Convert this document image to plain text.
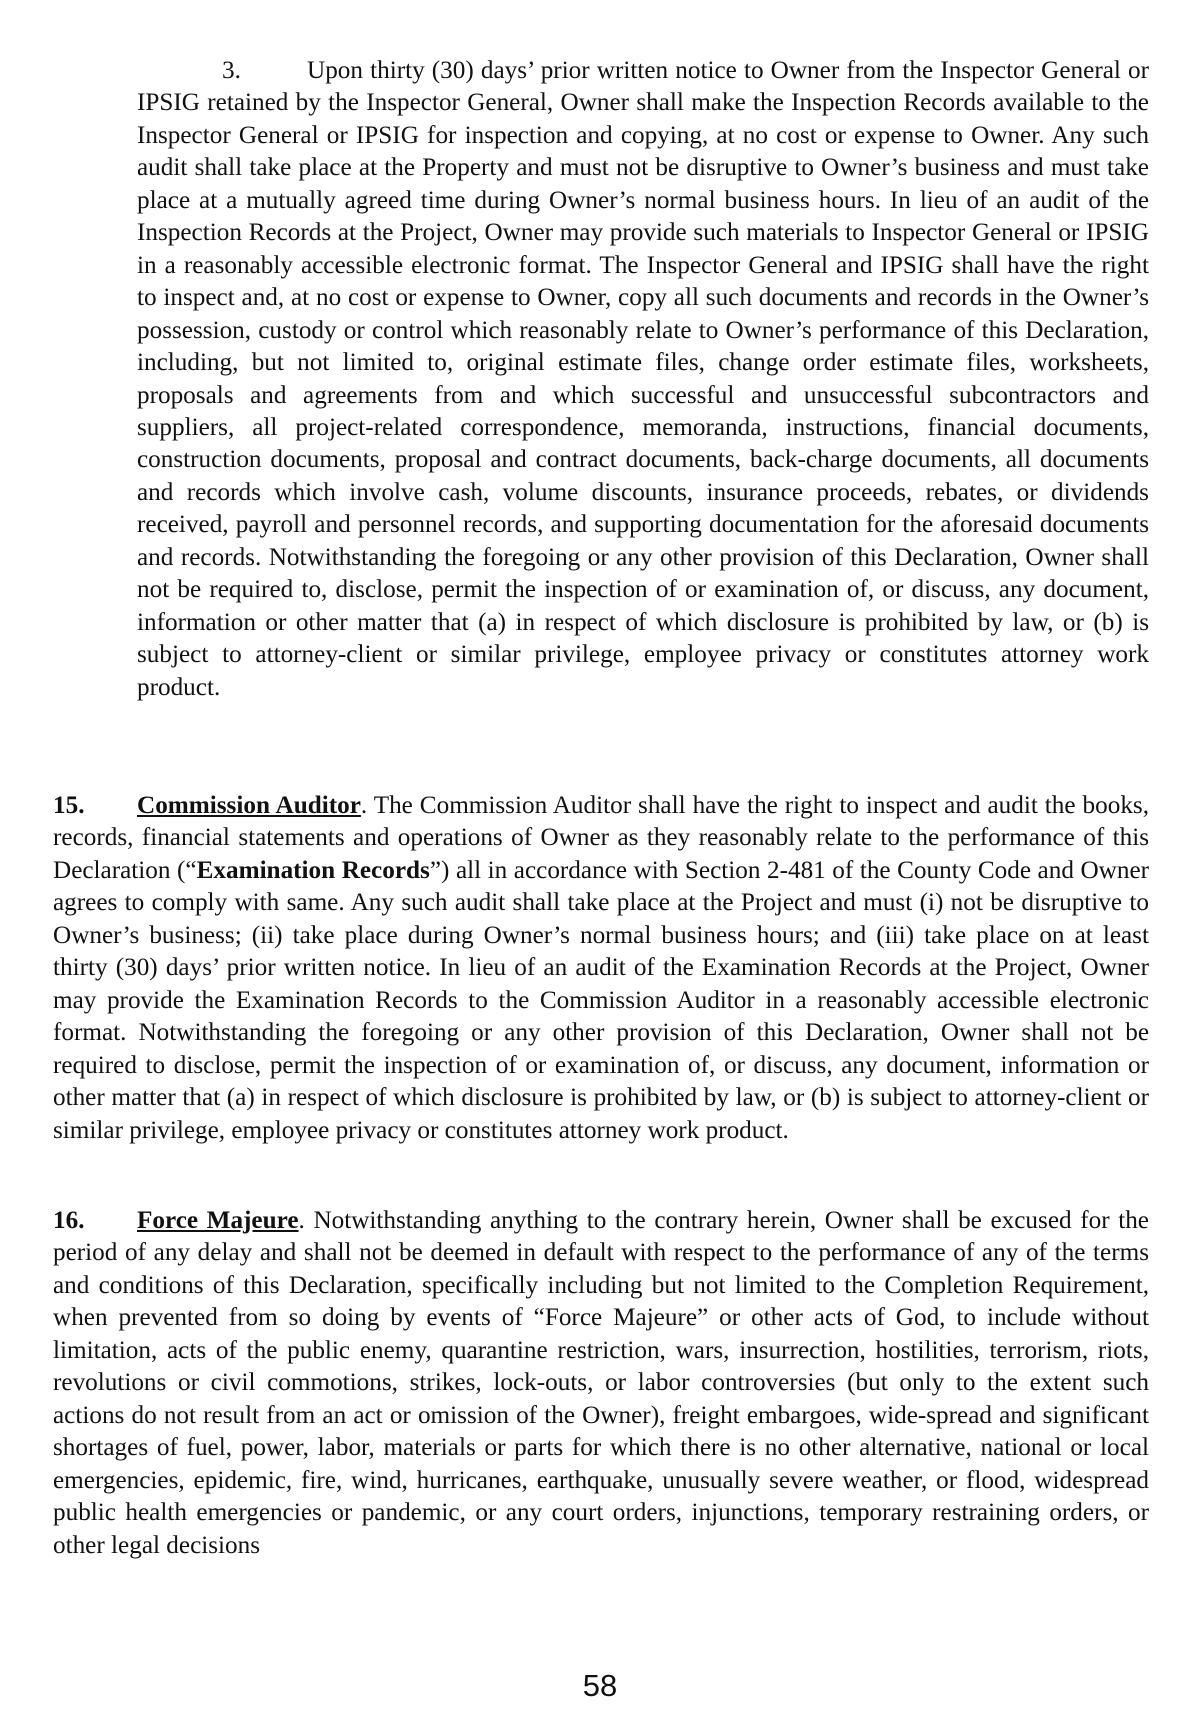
3.	Upon thirty (30) days’ prior written notice to Owner from the Inspector General or IPSIG retained by the Inspector General, Owner shall make the Inspection Records available to the Inspector General or IPSIG for inspection and copying, at no cost or expense to Owner. Any such audit shall take place at the Property and must not be disruptive to Owner’s business and must take place at a mutually agreed time during Owner’s normal business hours. In lieu of an audit of the Inspection Records at the Project, Owner may provide such materials to Inspector General or IPSIG in a reasonably accessible electronic format. The Inspector General and IPSIG shall have the right to inspect and, at no cost or expense to Owner, copy all such documents and records in the Owner’s possession, custody or control which reasonably relate to Owner’s performance of this Declaration, including, but not limited to, original estimate files, change order estimate files, worksheets, proposals and agreements from and which successful and unsuccessful subcontractors and suppliers, all project-related correspondence, memoranda, instructions, financial documents, construction documents, proposal and contract documents, back-charge documents, all documents and records which involve cash, volume discounts, insurance proceeds, rebates, or dividends received, payroll and personnel records, and supporting documentation for the aforesaid documents and records. Notwithstanding the foregoing or any other provision of this Declaration, Owner shall not be required to, disclose, permit the inspection of or examination of, or discuss, any document, information or other matter that (a) in respect of which disclosure is prohibited by law, or (b) is subject to attorney-client or similar privilege, employee privacy or constitutes attorney work product.

15. Commission Auditor. The Commission Auditor shall have the right to inspect and audit the books, records, financial statements and operations of Owner as they reasonably relate to the performance of this Declaration (“Examination Records”) all in accordance with Section 2-481 of the County Code and Owner agrees to comply with same. Any such audit shall take place at the Project and must (i) not be disruptive to Owner’s business; (ii) take place during Owner’s normal business hours; and (iii) take place on at least thirty (30) days’ prior written notice. In lieu of an audit of the Examination Records at the Project, Owner may provide the Examination Records to the Commission Auditor in a reasonably accessible electronic format. Notwithstanding the foregoing or any other provision of this Declaration, Owner shall not be required to disclose, permit the inspection of or examination of, or discuss, any document, information or other matter that (a) in respect of which disclosure is prohibited by law, or (b) is subject to attorney-client or similar privilege, employee privacy or constitutes attorney work product.

16. Force Majeure. Notwithstanding anything to the contrary herein, Owner shall be excused for the period of any delay and shall not be deemed in default with respect to the performance of any of the terms and conditions of this Declaration, specifically including but not limited to the Completion Requirement, when prevented from so doing by events of “Force Majeure” or other acts of God, to include without limitation, acts of the public enemy, quarantine restriction, wars, insurrection, hostilities, terrorism, riots, revolutions or civil commotions, strikes, lock-outs, or labor controversies (but only to the extent such actions do not result from an act or omission of the Owner), freight embargoes, wide-spread and significant shortages of fuel, power, labor, materials or parts for which there is no other alternative, national or local emergencies, epidemic, fire, wind, hurricanes, earthquake, unusually severe weather, or flood, widespread public health emergencies or pandemic, or any court orders, injunctions, temporary restraining orders, or other legal decisions

58
